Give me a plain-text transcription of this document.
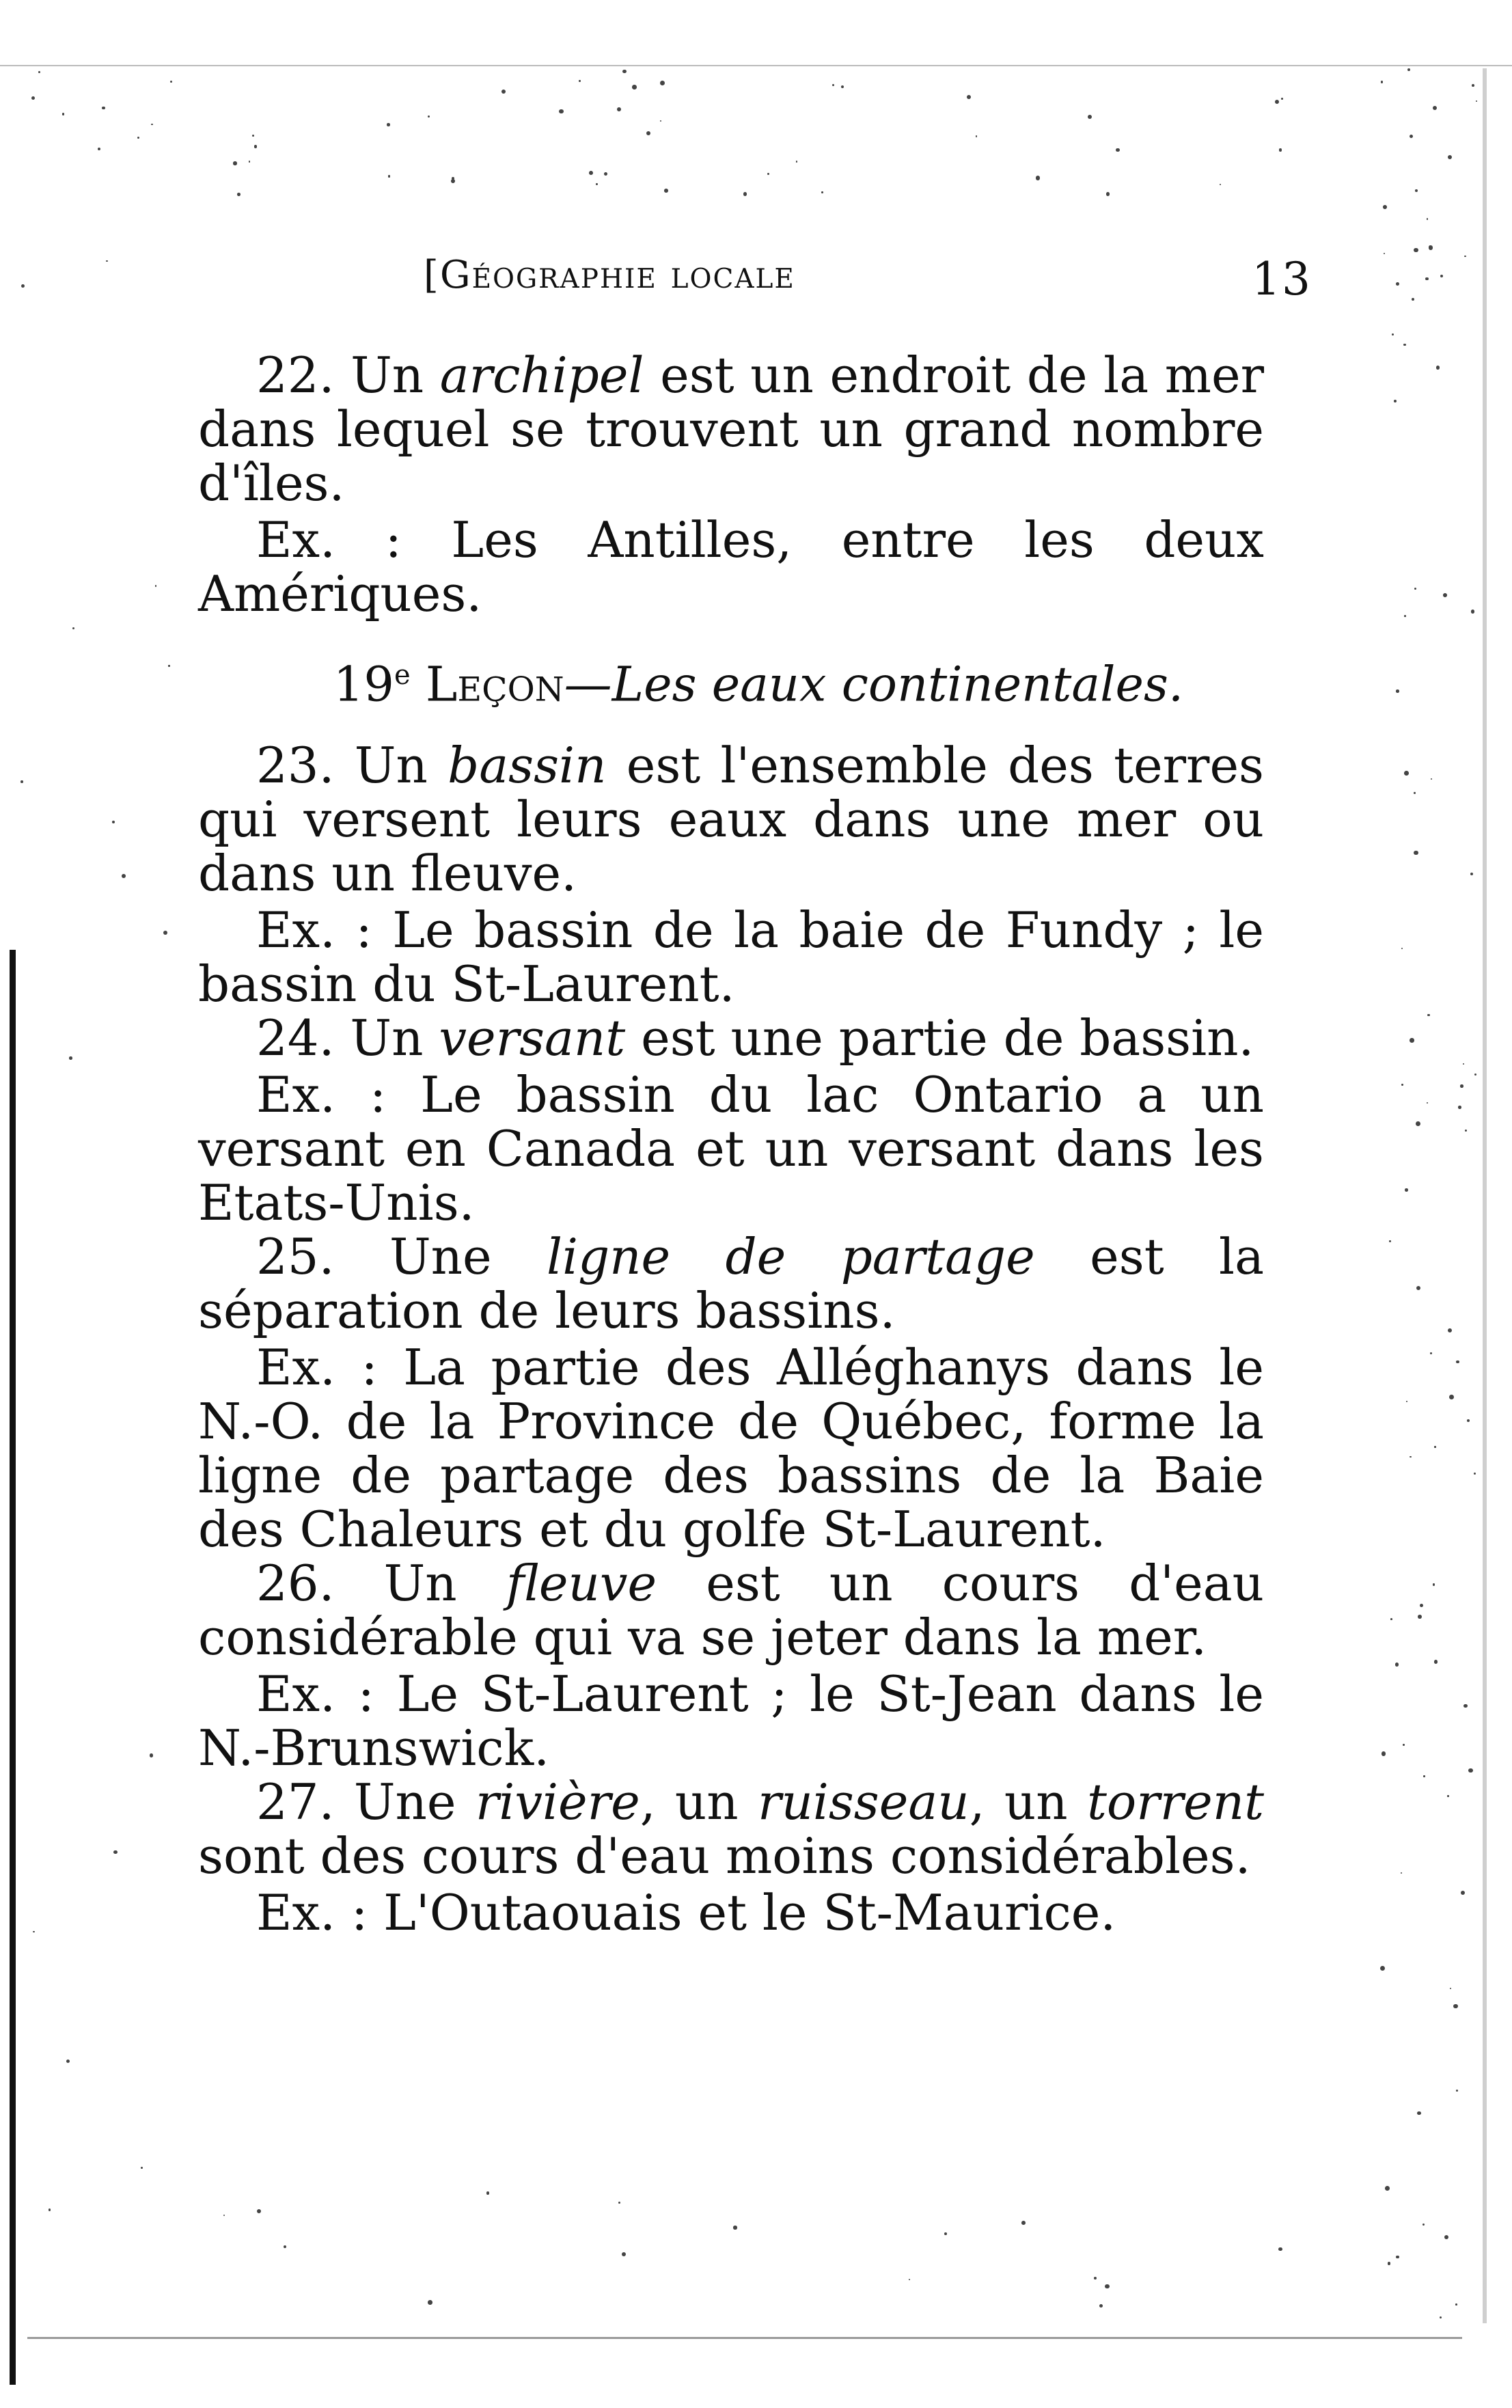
[Géographie locale	13

22. Un archipel est un endroit de la mer dans lequel se trouvent un grand nombre d'îles.

Ex. : Les Antilles, entre les deux Amériques.

19e Leçon—Les eaux continentales.

23. Un bassin est l'ensemble des terres qui versent leurs eaux dans une mer ou dans un fleuve.

Ex. : Le bassin de la baie de Fundy ; le bassin du St-Laurent.

24. Un versant est une partie de bassin.

Ex. : Le bassin du lac Ontario a un versant en Canada et un versant dans les Etats-Unis.

25. Une ligne de partage est la séparation de leurs bassins.

Ex. : La partie des Alléghanys dans le N.-O. de la Province de Québec, forme la ligne de partage des bassins de la Baie des Chaleurs et du golfe St-Laurent.

26. Un fleuve est un cours d'eau considérable qui va se jeter dans la mer.

Ex. : Le St-Laurent ; le St-Jean dans le N.-Brunswick.

27. Une rivière, un ruisseau, un torrent sont des cours d'eau moins considérables.

Ex. : L'Outaouais et le St-Maurice.
